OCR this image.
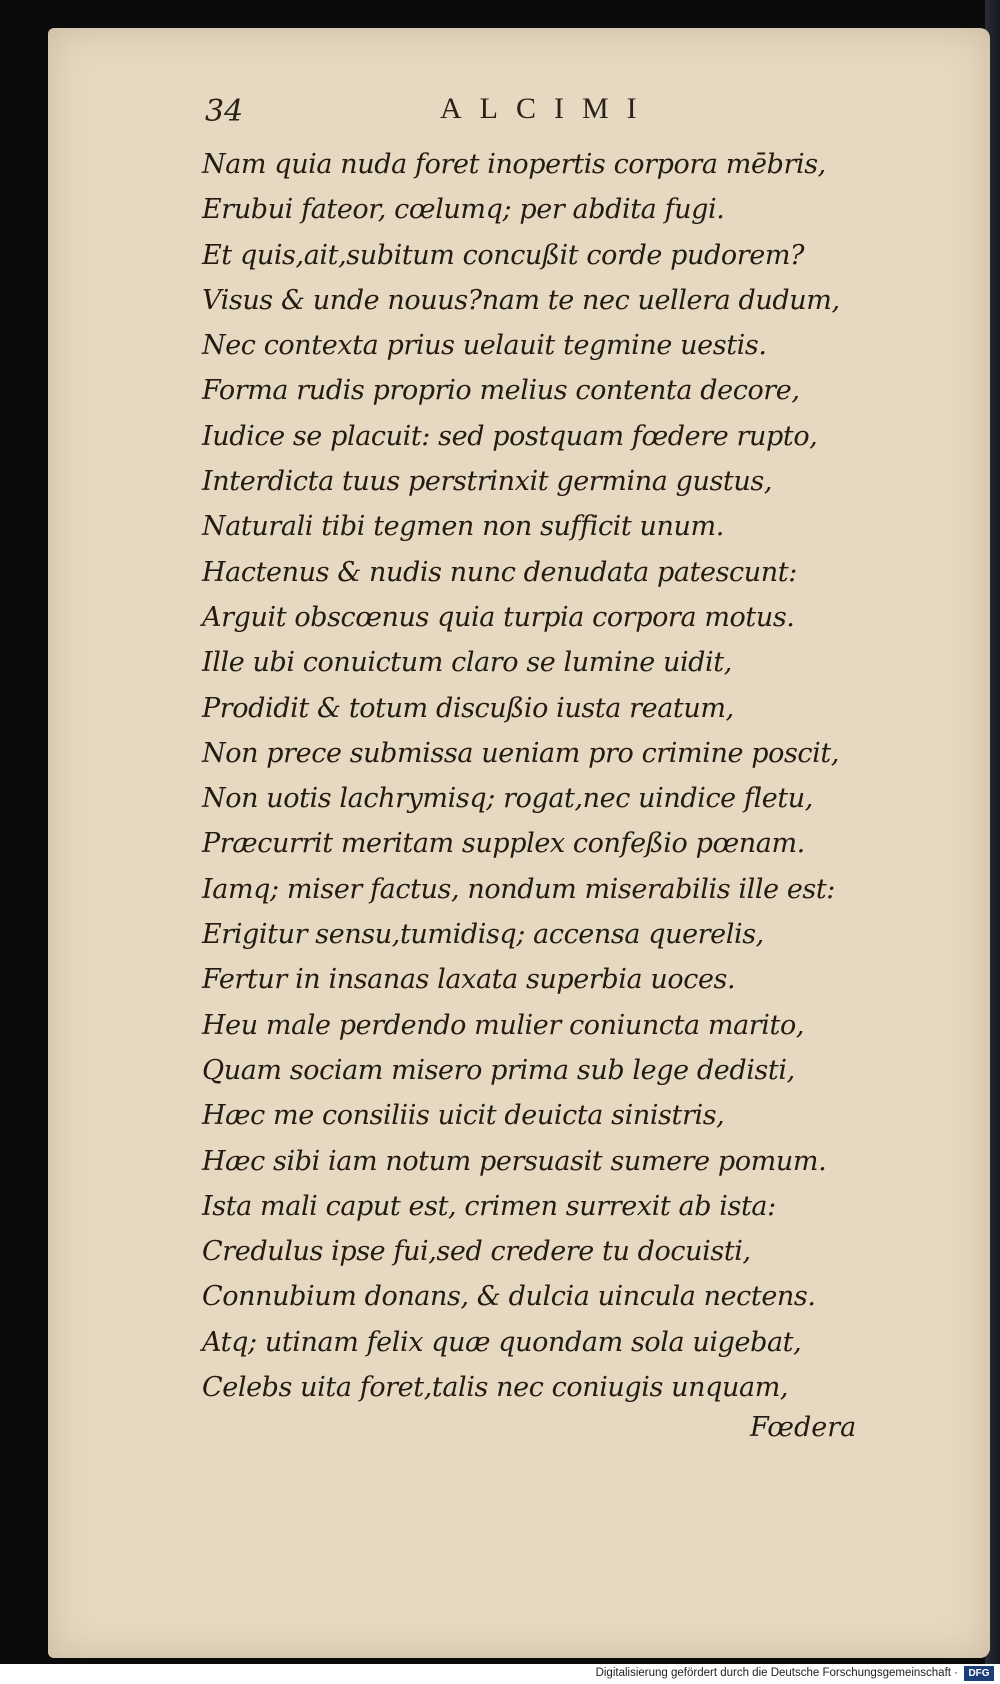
34	ALCIMI
Nam quia nuda foret inopertis corpora mēbris,
Erubui fateor, cœlumq; per abdita fugi.
Et quis,ait,subitum concußit corde pudorem?
Visus & unde nouus?nam te nec uellera dudum,
Nec contexta prius uelauit tegmine uestis.
Forma rudis proprio melius contenta decore,
Iudice se placuit: sed postquam fœdere rupto,
Interdicta tuus perstrinxit germina gustus,
Naturali tibi tegmen non sufficit unum.
Hactenus & nudis nunc denudata patescunt:
Arguit obscœnus quia turpia corpora motus.
Ille ubi conuictum claro se lumine uidit,
Prodidit & totum discußio iusta reatum,
Non prece submissa ueniam pro crimine poscit,
Non uotis lachrymisq; rogat,nec uindice fletu,
Præcurrit meritam supplex confeßio pœnam.
Iamq; miser factus, nondum miserabilis ille est:
Erigitur sensu,tumidisq; accensa querelis,
Fertur in insanas laxata superbia uoces.
Heu male perdendo mulier coniuncta marito,
Quam sociam misero prima sub lege dedisti,
Hæc me consiliis uicit deuicta sinistris,
Hæc sibi iam notum persuasit sumere pomum.
Ista mali caput est, crimen surrexit ab ista:
Credulus ipse fui,sed credere tu docuisti,
Connubium donans, & dulcia uincula nectens.
Atq; utinam felix quæ quondam sola uigebat,
Celebs uita foret,talis nec coniugis unquam,
Fœdera
Digitalisierung gefördert durch die Deutsche Forschungsgemeinschaft ·	DFG
